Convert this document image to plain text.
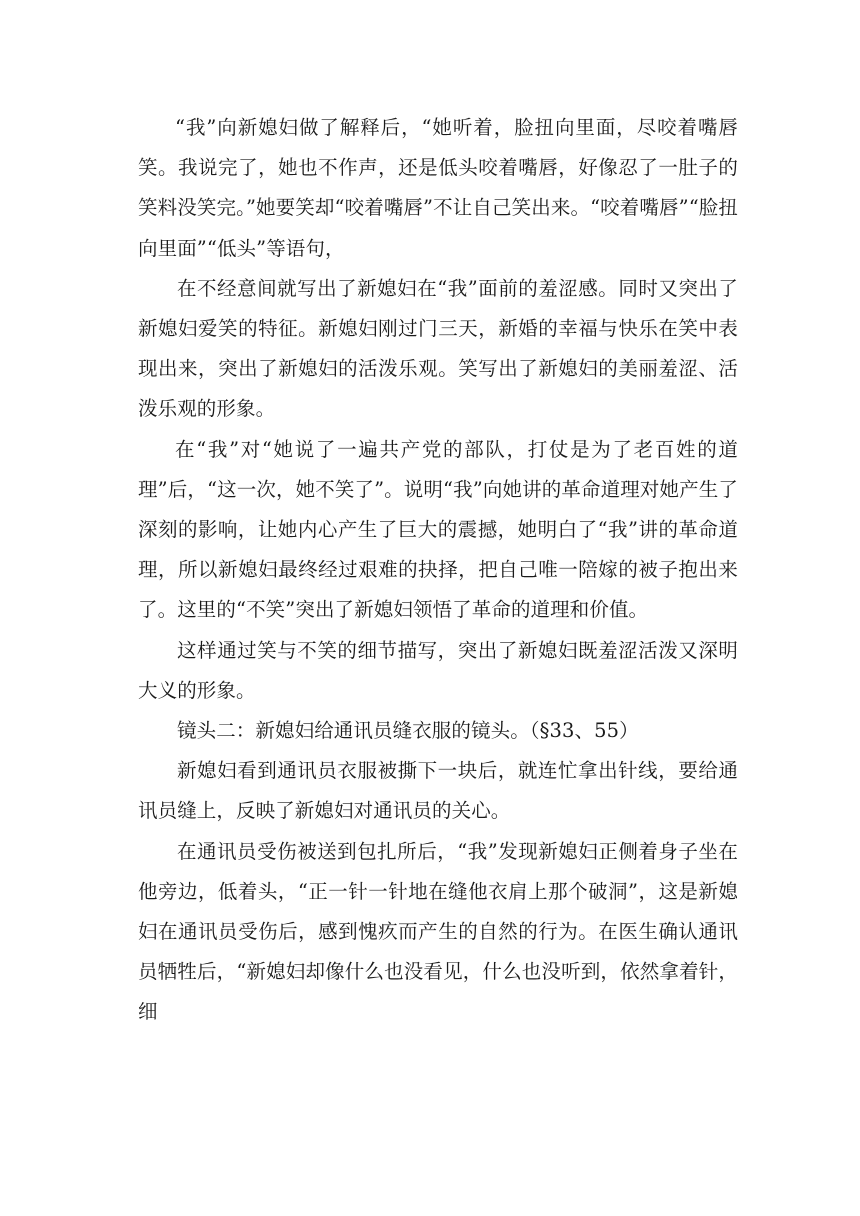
“我”向新媳妇做了解释后，“她听着，脸扭向里面，尽咬着嘴唇笑。我说完了，她也不作声，还是低头咬着嘴唇，好像忍了一肚子的笑料没笑完。”她要笑却“咬着嘴唇”不让自己笑出来。“咬着嘴唇”“脸扭向里面”“低头”等语句，

在不经意间就写出了新媳妇在“我”面前的羞涩感。同时又突出了新媳妇爱笑的特征。新媳妇刚过门三天，新婚的幸福与快乐在笑中表现出来，突出了新媳妇的活泼乐观。笑写出了新媳妇的美丽羞涩、活泼乐观的形象。

在“我”对“她说了一遍共产党的部队，打仗是为了老百姓的道理”后，“这一次，她不笑了”。说明“我”向她讲的革命道理对她产生了深刻的影响，让她内心产生了巨大的震撼，她明白了“我”讲的革命道理，所以新媳妇最终经过艰难的抉择，把自己唯一陪嫁的被子抱出来了。这里的“不笑”突出了新媳妇领悟了革命的道理和价值。

这样通过笑与不笑的细节描写，突出了新媳妇既羞涩活泼又深明大义的形象。

镜头二：新媳妇给通讯员缝衣服的镜头。（§33、55）

新媳妇看到通讯员衣服被撕下一块后，就连忙拿出针线，要给通讯员缝上，反映了新媳妇对通讯员的关心。

在通讯员受伤被送到包扎所后，“我”发现新媳妇正侧着身子坐在他旁边，低着头，“正一针一针地在缝他衣肩上那个破洞”，这是新媳妇在通讯员受伤后，感到愧疚而产生的自然的行为。在医生确认通讯员牺牲后，“新媳妇却像什么也没看见，什么也没听到，依然拿着针，细
